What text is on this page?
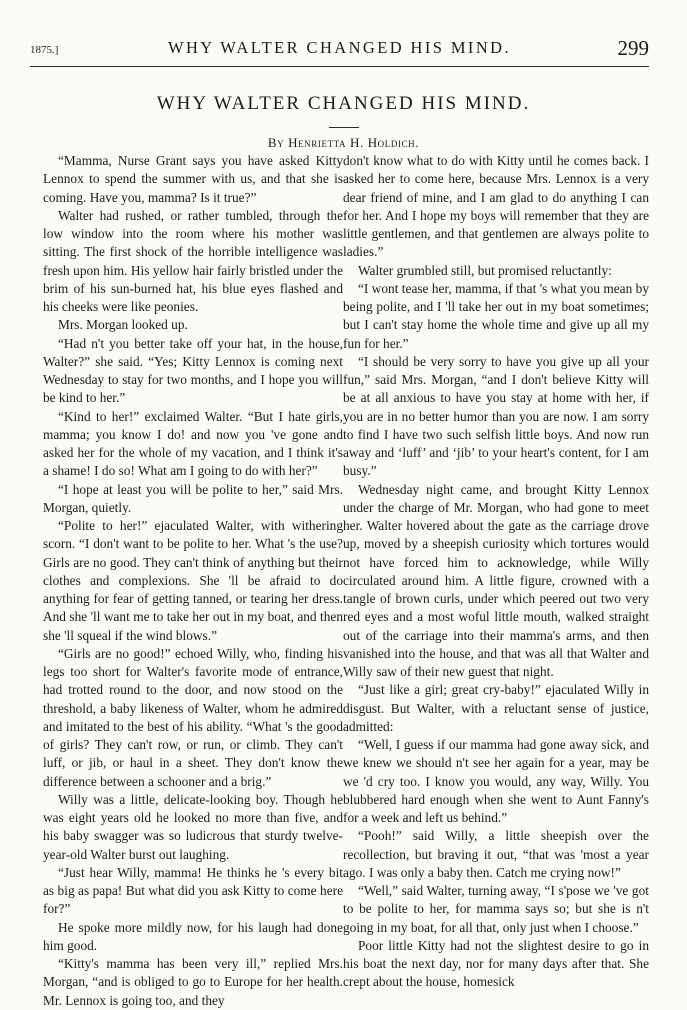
1875.]	WHY WALTER CHANGED HIS MIND.	299
WHY WALTER CHANGED HIS MIND.

By Henrietta H. Holdich.

“Mamma, Nurse Grant says you have asked Kitty Lennox to spend the summer with us, and that she is coming. Have you, mamma? Is it true?”

Walter had rushed, or rather tumbled, through the low window into the room where his mother was sitting. The first shock of the horrible intelligence was fresh upon him. His yellow hair fairly bristled under the brim of his sun-burned hat, his blue eyes flashed and his cheeks were like peonies.

Mrs. Morgan looked up.

“Had n't you better take off your hat, in the house, Walter?” she said. “Yes; Kitty Lennox is coming next Wednesday to stay for two months, and I hope you will be kind to her.”

“Kind to her!” exclaimed Walter. “But I hate girls, mamma; you know I do! and now you 've gone and asked her for the whole of my vacation, and I think it's a shame! I do so! What am I going to do with her?”

“I hope at least you will be polite to her,” said Mrs. Morgan, quietly.

“Polite to her!” ejaculated Walter, with withering scorn. “I don't want to be polite to her. What 's the use? Girls are no good. They can't think of anything but their clothes and complexions. She 'll be afraid to do anything for fear of getting tanned, or tearing her dress. And she 'll want me to take her out in my boat, and then she 'll squeal if the wind blows.”

“Girls are no good!” echoed Willy, who, finding his legs too short for Walter's favorite mode of entrance, had trotted round to the door, and now stood on the threshold, a baby likeness of Walter, whom he admired and imitated to the best of his ability. “What 's the good of girls? They can't row, or run, or climb. They can't luff, or jib, or haul in a sheet. They don't know the difference between a schooner and a brig.”

Willy was a little, delicate-looking boy. Though he was eight years old he looked no more than five, and his baby swagger was so ludicrous that sturdy twelve-year-old Walter burst out laughing.

“Just hear Willy, mamma! He thinks he 's every bit as big as papa! But what did you ask Kitty to come here for?”

He spoke more mildly now, for his laugh had done him good.

“Kitty's mamma has been very ill,” replied Mrs. Morgan, “and is obliged to go to Europe for her health. Mr. Lennox is going too, and they

don't know what to do with Kitty until he comes back. I asked her to come here, because Mrs. Lennox is a very dear friend of mine, and I am glad to do anything I can for her. And I hope my boys will remember that they are little gentlemen, and that gentlemen are always polite to ladies.”

Walter grumbled still, but promised reluctantly:

“I wont tease her, mamma, if that 's what you mean by being polite, and I 'll take her out in my boat sometimes; but I can't stay home the whole time and give up all my fun for her.”

“I should be very sorry to have you give up all your fun,” said Mrs. Morgan, “and I don't believe Kitty will be at all anxious to have you stay at home with her, if you are in no better humor than you are now. I am sorry to find I have two such selfish little boys. And now run away and ‘luff’ and ‘jib’ to your heart's content, for I am busy.”

Wednesday night came, and brought Kitty Lennox under the charge of Mr. Morgan, who had gone to meet her. Walter hovered about the gate as the carriage drove up, moved by a sheepish curiosity which tortures would not have forced him to acknowledge, while Willy circulated around him. A little figure, crowned with a tangle of brown curls, under which peered out two very red eyes and a most woful little mouth, walked straight out of the carriage into their mamma's arms, and then vanished into the house, and that was all that Walter and Willy saw of their new guest that night.

“Just like a girl; great cry-baby!” ejaculated Willy in disgust. But Walter, with a reluctant sense of justice, admitted:

“Well, I guess if our mamma had gone away sick, and we knew we should n't see her again for a year, may be we 'd cry too. I know you would, any way, Willy. You blubbered hard enough when she went to Aunt Fanny's for a week and left us behind.”

“Pooh!” said Willy, a little sheepish over the recollection, but braving it out, “that was 'most a year ago. I was only a baby then. Catch me crying now!”

“Well,” said Walter, turning away, “I s'pose we 've got to be polite to her, for mamma says so; but she is n't going in my boat, for all that, only just when I choose.”

Poor little Kitty had not the slightest desire to go in his boat the next day, nor for many days after that. She crept about the house, homesick
